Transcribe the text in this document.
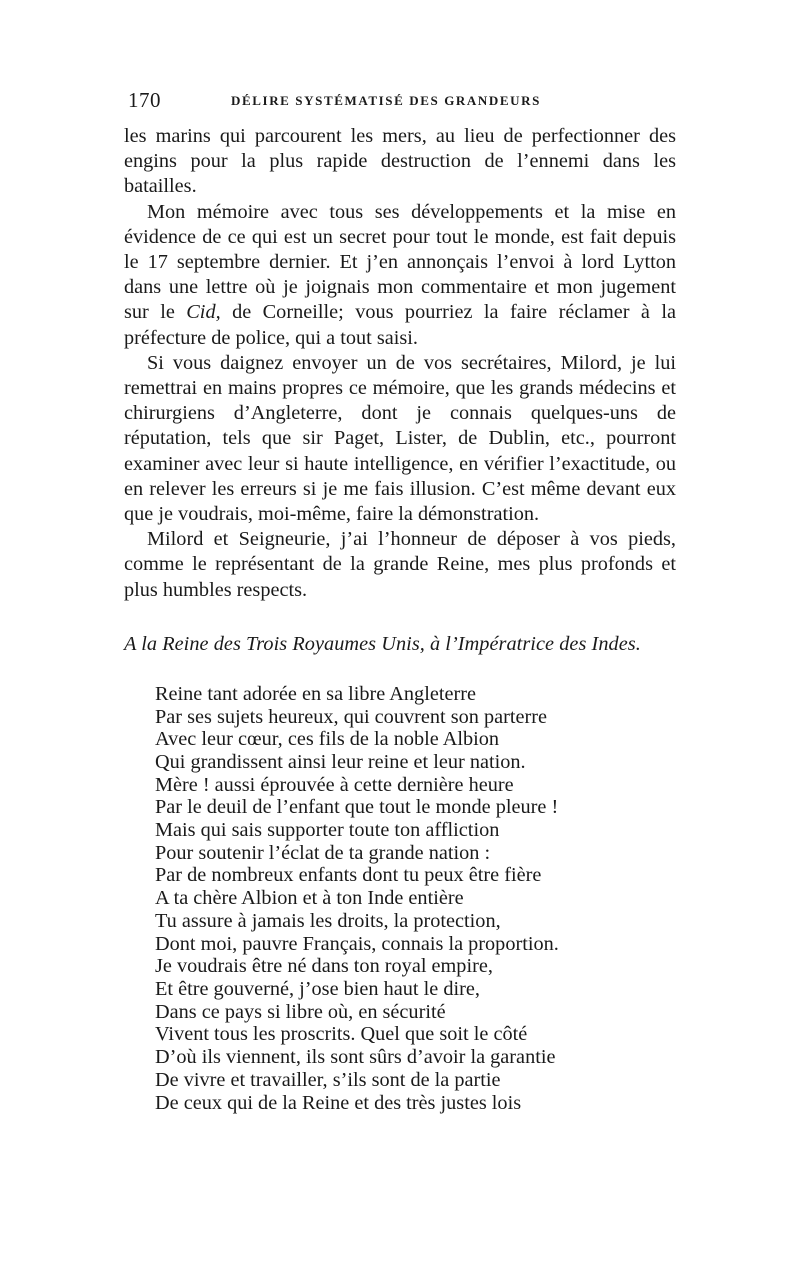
170	DÉLIRE SYSTÉMATISÉ DES GRANDEURS

les marins qui parcourent les mers, au lieu de perfectionner des engins pour la plus rapide destruction de l’ennemi dans les batailles.

Mon mémoire avec tous ses développements et la mise en évidence de ce qui est un secret pour tout le monde, est fait depuis le 17 septembre dernier. Et j’en annonçais l’envoi à lord Lytton dans une lettre où je joignais mon commentaire et mon jugement sur le Cid, de Corneille; vous pourriez la faire réclamer à la préfecture de police, qui a tout saisi.

Si vous daignez envoyer un de vos secrétaires, Milord, je lui remettrai en mains propres ce mémoire, que les grands médecins et chirurgiens d’Angleterre, dont je connais quelques-uns de réputation, tels que sir Paget, Lister, de Dublin, etc., pourront examiner avec leur si haute intelligence, en vérifier l’exactitude, ou en relever les erreurs si je me fais illusion. C’est même devant eux que je voudrais, moi-même, faire la démonstration.

Milord et Seigneurie, j’ai l’honneur de déposer à vos pieds, comme le représentant de la grande Reine, mes plus profonds et plus humbles respects.

A la Reine des Trois Royaumes Unis, à l’Impératrice des Indes.
Reine tant adorée en sa libre Angleterre
Par ses sujets heureux, qui couvrent son parterre
Avec leur cœur, ces fils de la noble Albion
Qui grandissent ainsi leur reine et leur nation.
Mère ! aussi éprouvée à cette dernière heure
Par le deuil de l’enfant que tout le monde pleure !
Mais qui sais supporter toute ton affliction
Pour soutenir l’éclat de ta grande nation :
Par de nombreux enfants dont tu peux être fière
A ta chère Albion et à ton Inde entière
Tu assure à jamais les droits, la protection,
Dont moi, pauvre Français, connais la proportion.
Je voudrais être né dans ton royal empire,
Et être gouverné, j’ose bien haut le dire,
Dans ce pays si libre où, en sécurité
Vivent tous les proscrits. Quel que soit le côté
D’où ils viennent, ils sont sûrs d’avoir la garantie
De vivre et travailler, s’ils sont de la partie
De ceux qui de la Reine et des très justes lois
